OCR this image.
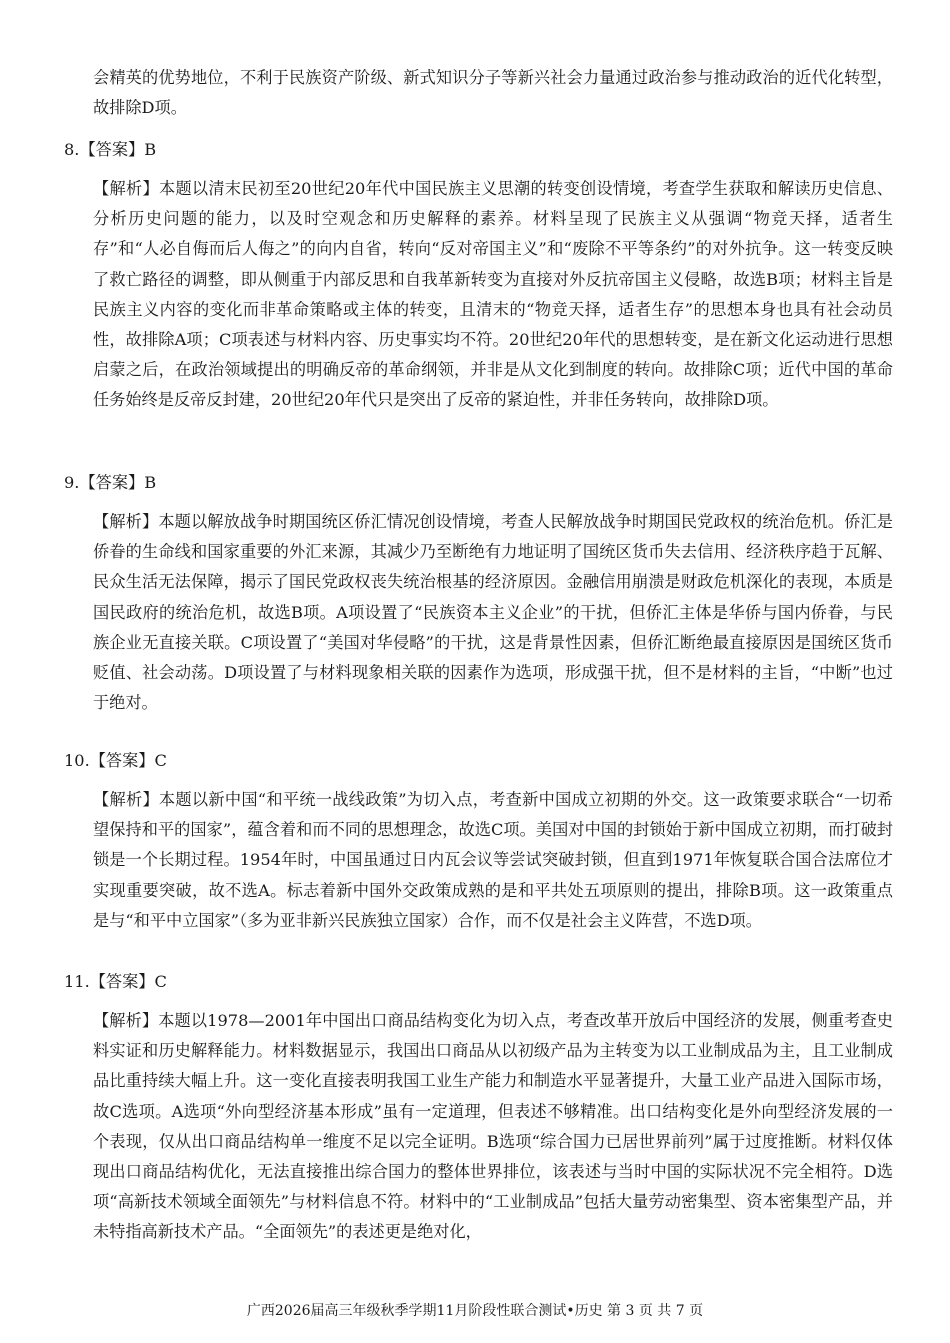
会精英的优势地位，不利于民族资产阶级、新式知识分子等新兴社会力量通过政治参与推动政治的近代化转型，故排除D项。

8.【答案】B

【解析】本题以清末民初至20世纪20年代中国民族主义思潮的转变创设情境，考查学生获取和解读历史信息、分析历史问题的能力，以及时空观念和历史解释的素养。材料呈现了民族主义从强调“物竞天择，适者生存”和“人必自侮而后人侮之”的向内自省，转向“反对帝国主义”和“废除不平等条约”的对外抗争。这一转变反映了救亡路径的调整，即从侧重于内部反思和自我革新转变为直接对外反抗帝国主义侵略，故选B项；材料主旨是民族主义内容的变化而非革命策略或主体的转变，且清末的“物竞天择，适者生存”的思想本身也具有社会动员性，故排除A项；C项表述与材料内容、历史事实均不符。20世纪20年代的思想转变，是在新文化运动进行思想启蒙之后，在政治领域提出的明确反帝的革命纲领，并非是从文化到制度的转向。故排除C项；近代中国的革命任务始终是反帝反封建，20世纪20年代只是突出了反帝的紧迫性，并非任务转向，故排除D项。

9.【答案】B

【解析】本题以解放战争时期国统区侨汇情况创设情境，考查人民解放战争时期国民党政权的统治危机。侨汇是侨眷的生命线和国家重要的外汇来源，其减少乃至断绝有力地证明了国统区货币失去信用、经济秩序趋于瓦解、民众生活无法保障，揭示了国民党政权丧失统治根基的经济原因。金融信用崩溃是财政危机深化的表现，本质是国民政府的统治危机，故选B项。A项设置了“民族资本主义企业”的干扰，但侨汇主体是华侨与国内侨眷，与民族企业无直接关联。C项设置了“美国对华侵略”的干扰，这是背景性因素，但侨汇断绝最直接原因是国统区货币贬值、社会动荡。D项设置了与材料现象相关联的因素作为选项，形成强干扰，但不是材料的主旨，“中断”也过于绝对。

10.【答案】C

【解析】本题以新中国“和平统一战线政策”为切入点，考查新中国成立初期的外交。这一政策要求联合“一切希望保持和平的国家”，蕴含着和而不同的思想理念，故选C项。美国对中国的封锁始于新中国成立初期，而打破封锁是一个长期过程。1954年时，中国虽通过日内瓦会议等尝试突破封锁，但直到1971年恢复联合国合法席位才实现重要突破，故不选A。标志着新中国外交政策成熟的是和平共处五项原则的提出，排除B项。这一政策重点是与“和平中立国家”（多为亚非新兴民族独立国家）合作，而不仅是社会主义阵营，不选D项。

11.【答案】C

【解析】本题以1978—2001年中国出口商品结构变化为切入点，考查改革开放后中国经济的发展，侧重考查史料实证和历史解释能力。材料数据显示，我国出口商品从以初级产品为主转变为以工业制成品为主，且工业制成品比重持续大幅上升。这一变化直接表明我国工业生产能力和制造水平显著提升，大量工业产品进入国际市场，故C选项。A选项“外向型经济基本形成”虽有一定道理，但表述不够精准。出口结构变化是外向型经济发展的一个表现，仅从出口商品结构单一维度不足以完全证明。B选项“综合国力已居世界前列”属于过度推断。材料仅体现出口商品结构优化，无法直接推出综合国力的整体世界排位，该表述与当时中国的实际状况不完全相符。D选项“高新技术领域全面领先”与材料信息不符。材料中的“工业制成品”包括大量劳动密集型、资本密集型产品，并未特指高新技术产品。“全面领先”的表述更是绝对化，

广西2026届高三年级秋季学期11月阶段性联合测试•历史 第 3 页 共 7 页
